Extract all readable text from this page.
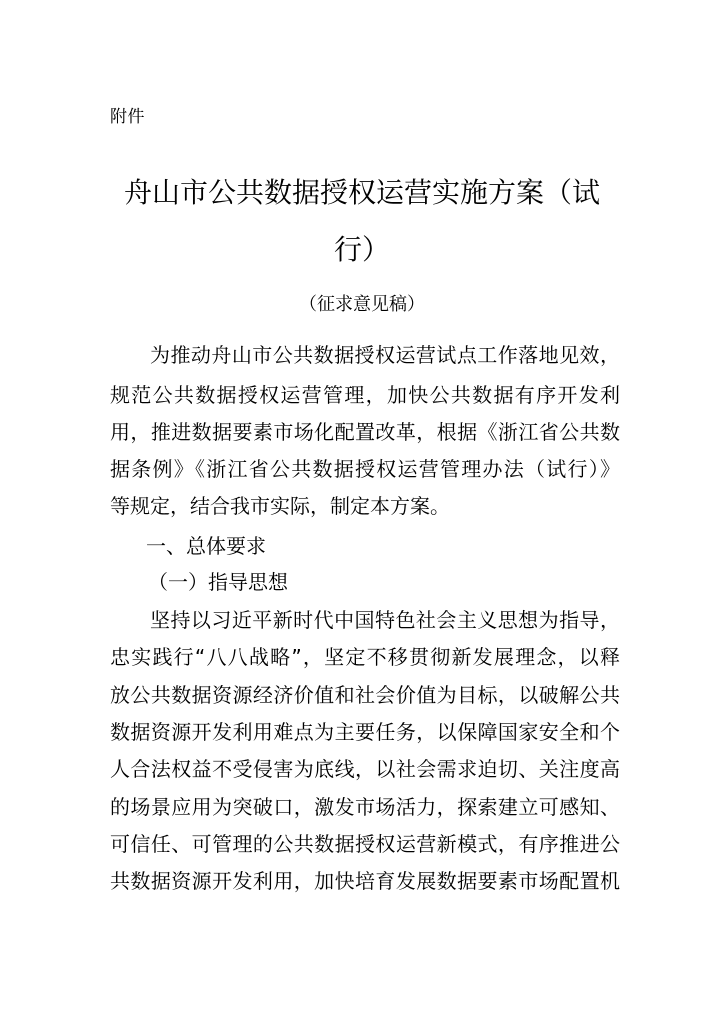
附件
舟山市公共数据授权运营实施方案（试
行）
（征求意见稿）
为推动舟山市公共数据授权运营试点工作落地见效，
规范公共数据授权运营管理，加快公共数据有序开发利
用，推进数据要素市场化配置改革，根据《浙江省公共数
据条例》《浙江省公共数据授权运营管理办法（试行）》
等规定，结合我市实际，制定本方案。
一、总体要求
（一）指导思想
坚持以习近平新时代中国特色社会主义思想为指导，
忠实践行“八八战略”，坚定不移贯彻新发展理念，以释
放公共数据资源经济价值和社会价值为目标，以破解公共
数据资源开发利用难点为主要任务，以保障国家安全和个
人合法权益不受侵害为底线，以社会需求迫切、关注度高
的场景应用为突破口，激发市场活力，探索建立可感知、
可信任、可管理的公共数据授权运营新模式，有序推进公
共数据资源开发利用，加快培育发展数据要素市场配置机
